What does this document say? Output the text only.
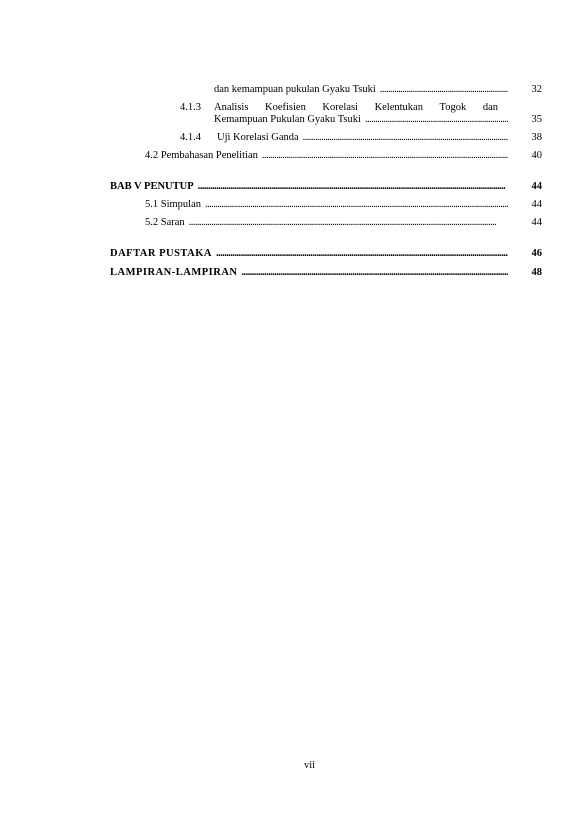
dan kemampuan pukulan Gyaku Tsuki . . .	32
4.1.3 Analisis Koefisien Korelasi Kelentukan Togok dan
Kemampuan Pukulan Gyaku Tsuki . . .	35
4.1.4 Uji Korelasi Ganda . . .	38
4.2 Pembahasan Penelitian . . .	40
BAB V PENUTUP . . .	44
5.1 Simpulan . . .	44
5.2 Saran . . .	44
DAFTAR PUSTAKA . . .	46
LAMPIRAN-LAMPIRAN . . .	48
vii
